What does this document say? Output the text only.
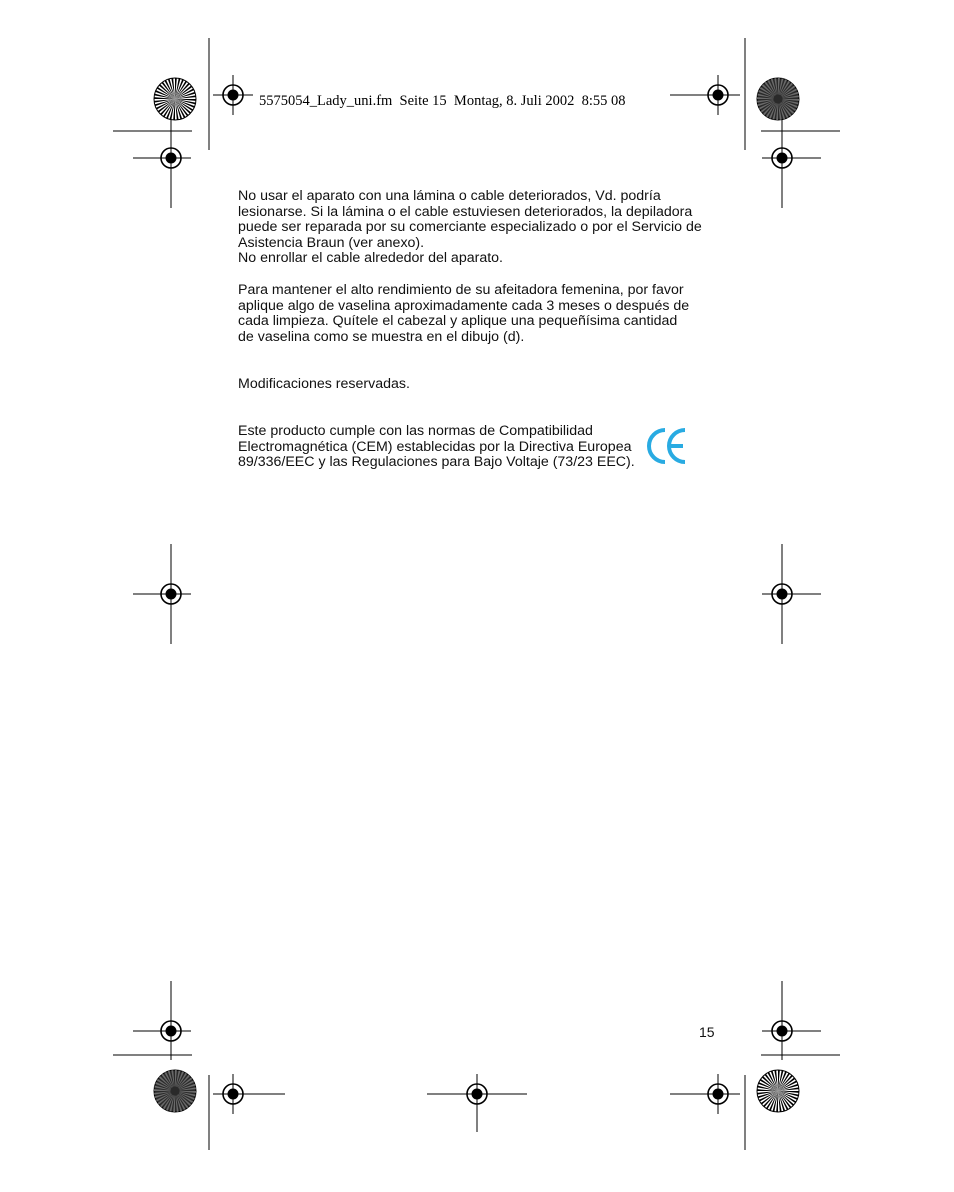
5575054_Lady_uni.fm  Seite 15  Montag, 8. Juli 2002  8:55 08

No usar el aparato con una lámina o cable deteriorados, Vd. podría
lesionarse. Si la lámina o el cable estuviesen deteriorados, la depiladora
puede ser reparada por su comerciante especializado o por el Servicio de
Asistencia Braun (ver anexo).
No enrollar el cable alrededor del aparato.

Para mantener el alto rendimiento de su afeitadora femenina, por favor
aplique algo de vaselina aproximadamente cada 3 meses o después de
cada limpieza. Quítele el cabezal y aplique una pequeñísima cantidad
de vaselina como se muestra en el dibujo (d).

Modificaciones reservadas.

Este producto cumple con las normas de Compatibilidad
Electromagnética (CEM) establecidas por la Directiva Europea
89/336/EEC y las Regulaciones para Bajo Voltaje (73/23 EEC).

15
